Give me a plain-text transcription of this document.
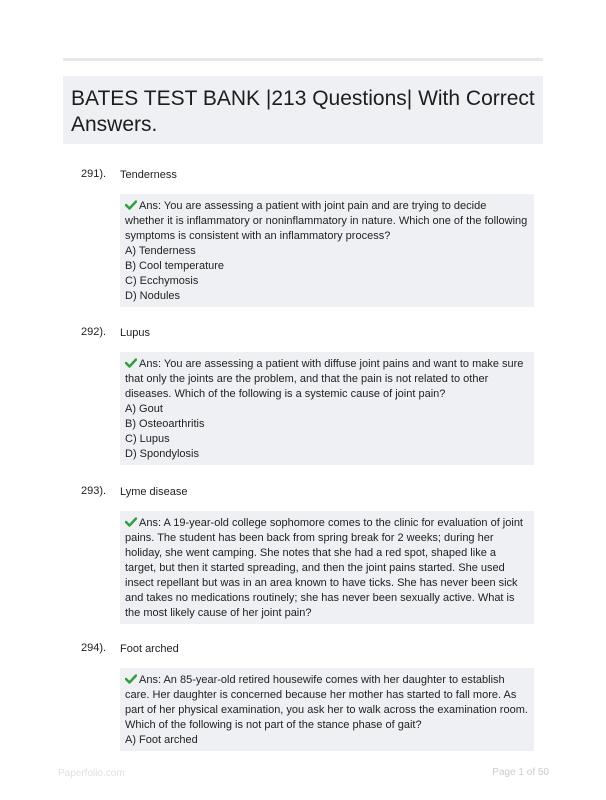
BATES TEST BANK |213 Questions| With Correct Answers.
291). Tenderness
Ans: You are assessing a patient with joint pain and are trying to decide whether it is inflammatory or noninflammatory in nature. Which one of the following symptoms is consistent with an inflammatory process?
A) Tenderness
B) Cool temperature
C) Ecchymosis
D) Nodules
292). Lupus
Ans: You are assessing a patient with diffuse joint pains and want to make sure that only the joints are the problem, and that the pain is not related to other diseases. Which of the following is a systemic cause of joint pain?
A) Gout
B) Osteoarthritis
C) Lupus
D) Spondylosis
293). Lyme disease
Ans: A 19-year-old college sophomore comes to the clinic for evaluation of joint pains. The student has been back from spring break for 2 weeks; during her holiday, she went camping. She notes that she had a red spot, shaped like a target, but then it started spreading, and then the joint pains started. She used insect repellant but was in an area known to have ticks. She has never been sick and takes no medications routinely; she has never been sexually active. What is the most likely cause of her joint pain?
294). Foot arched
Ans: An 85-year-old retired housewife comes with her daughter to establish care. Her daughter is concerned because her mother has started to fall more. As part of her physical examination, you ask her to walk across the examination room. Which of the following is not part of the stance phase of gait?
A) Foot arched
Paperfolio.com	Page 1 of 50
